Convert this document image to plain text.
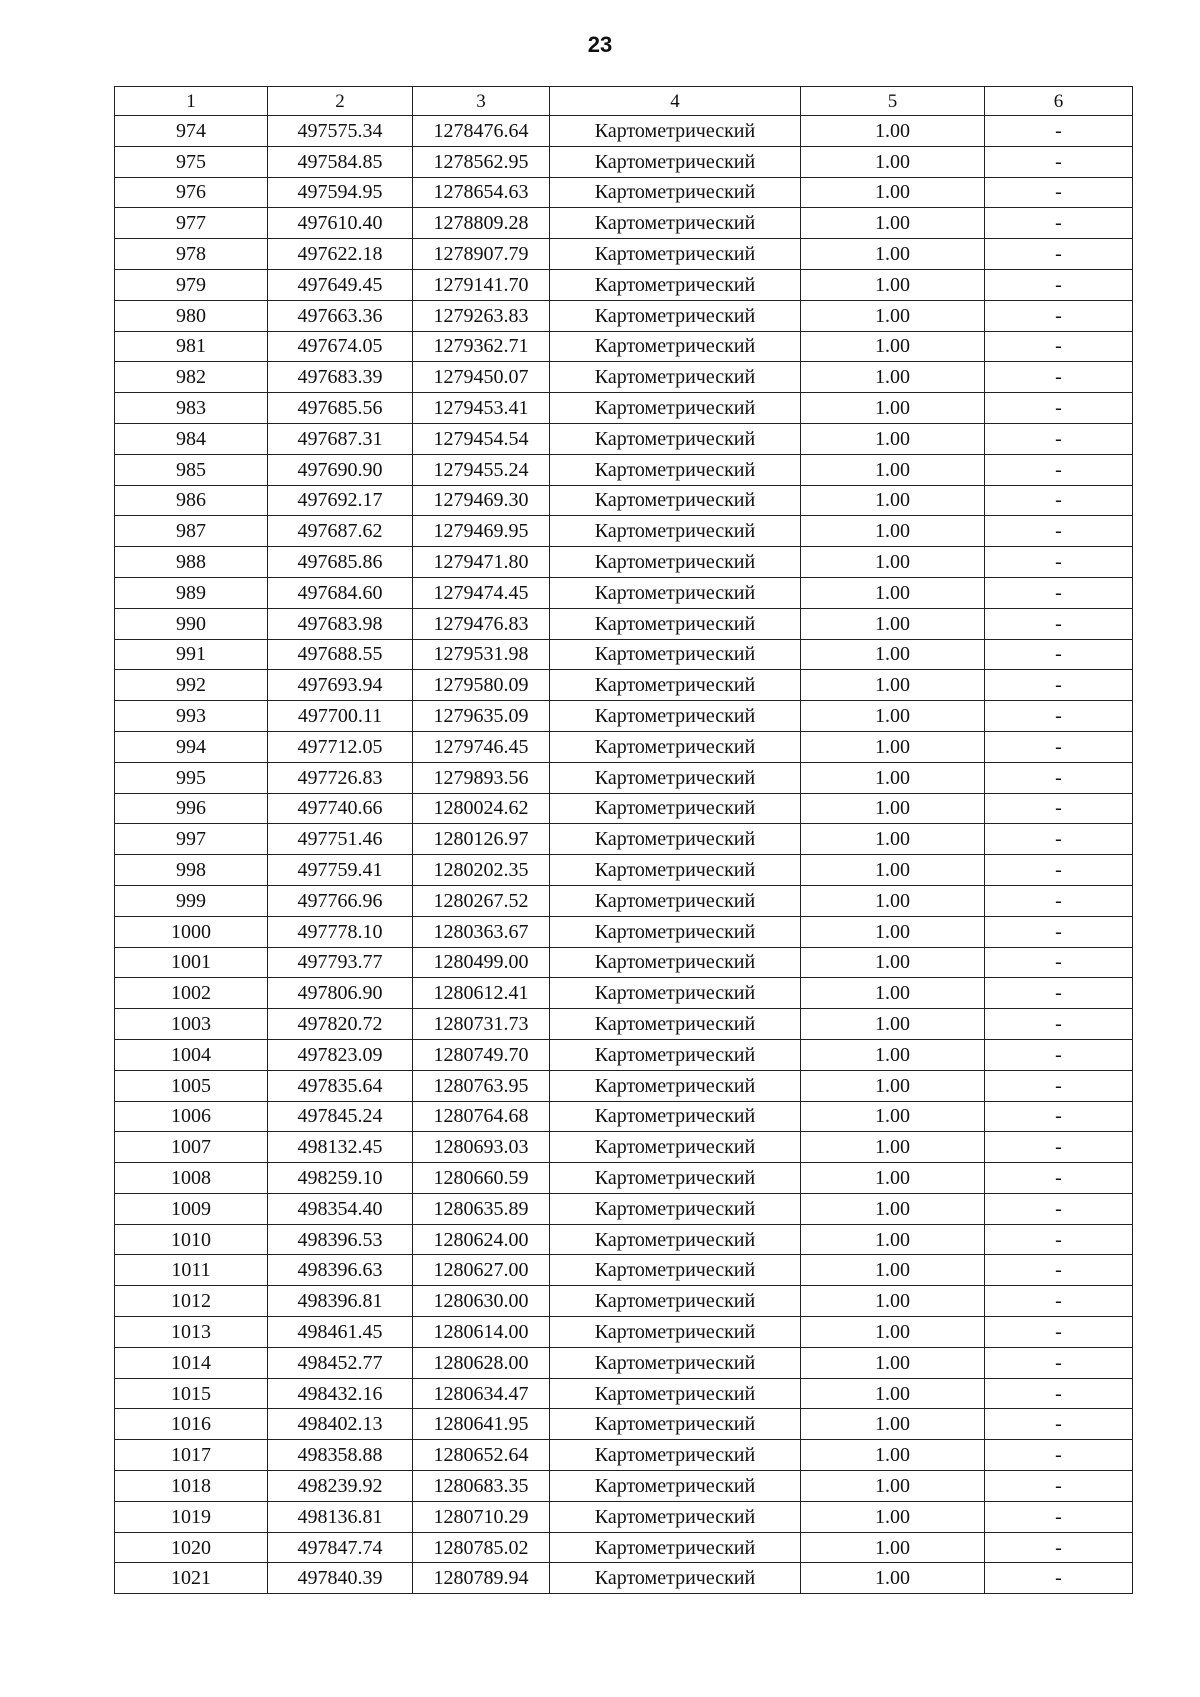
23
1	2	3	4	5	6
974	497575.34	1278476.64	Картометрический	1.00	-
975	497584.85	1278562.95	Картометрический	1.00	-
976	497594.95	1278654.63	Картометрический	1.00	-
977	497610.40	1278809.28	Картометрический	1.00	-
978	497622.18	1278907.79	Картометрический	1.00	-
979	497649.45	1279141.70	Картометрический	1.00	-
980	497663.36	1279263.83	Картометрический	1.00	-
981	497674.05	1279362.71	Картометрический	1.00	-
982	497683.39	1279450.07	Картометрический	1.00	-
983	497685.56	1279453.41	Картометрический	1.00	-
984	497687.31	1279454.54	Картометрический	1.00	-
985	497690.90	1279455.24	Картометрический	1.00	-
986	497692.17	1279469.30	Картометрический	1.00	-
987	497687.62	1279469.95	Картометрический	1.00	-
988	497685.86	1279471.80	Картометрический	1.00	-
989	497684.60	1279474.45	Картометрический	1.00	-
990	497683.98	1279476.83	Картометрический	1.00	-
991	497688.55	1279531.98	Картометрический	1.00	-
992	497693.94	1279580.09	Картометрический	1.00	-
993	497700.11	1279635.09	Картометрический	1.00	-
994	497712.05	1279746.45	Картометрический	1.00	-
995	497726.83	1279893.56	Картометрический	1.00	-
996	497740.66	1280024.62	Картометрический	1.00	-
997	497751.46	1280126.97	Картометрический	1.00	-
998	497759.41	1280202.35	Картометрический	1.00	-
999	497766.96	1280267.52	Картометрический	1.00	-
1000	497778.10	1280363.67	Картометрический	1.00	-
1001	497793.77	1280499.00	Картометрический	1.00	-
1002	497806.90	1280612.41	Картометрический	1.00	-
1003	497820.72	1280731.73	Картометрический	1.00	-
1004	497823.09	1280749.70	Картометрический	1.00	-
1005	497835.64	1280763.95	Картометрический	1.00	-
1006	497845.24	1280764.68	Картометрический	1.00	-
1007	498132.45	1280693.03	Картометрический	1.00	-
1008	498259.10	1280660.59	Картометрический	1.00	-
1009	498354.40	1280635.89	Картометрический	1.00	-
1010	498396.53	1280624.00	Картометрический	1.00	-
1011	498396.63	1280627.00	Картометрический	1.00	-
1012	498396.81	1280630.00	Картометрический	1.00	-
1013	498461.45	1280614.00	Картометрический	1.00	-
1014	498452.77	1280628.00	Картометрический	1.00	-
1015	498432.16	1280634.47	Картометрический	1.00	-
1016	498402.13	1280641.95	Картометрический	1.00	-
1017	498358.88	1280652.64	Картометрический	1.00	-
1018	498239.92	1280683.35	Картометрический	1.00	-
1019	498136.81	1280710.29	Картометрический	1.00	-
1020	497847.74	1280785.02	Картометрический	1.00	-
1021	497840.39	1280789.94	Картометрический	1.00	-
